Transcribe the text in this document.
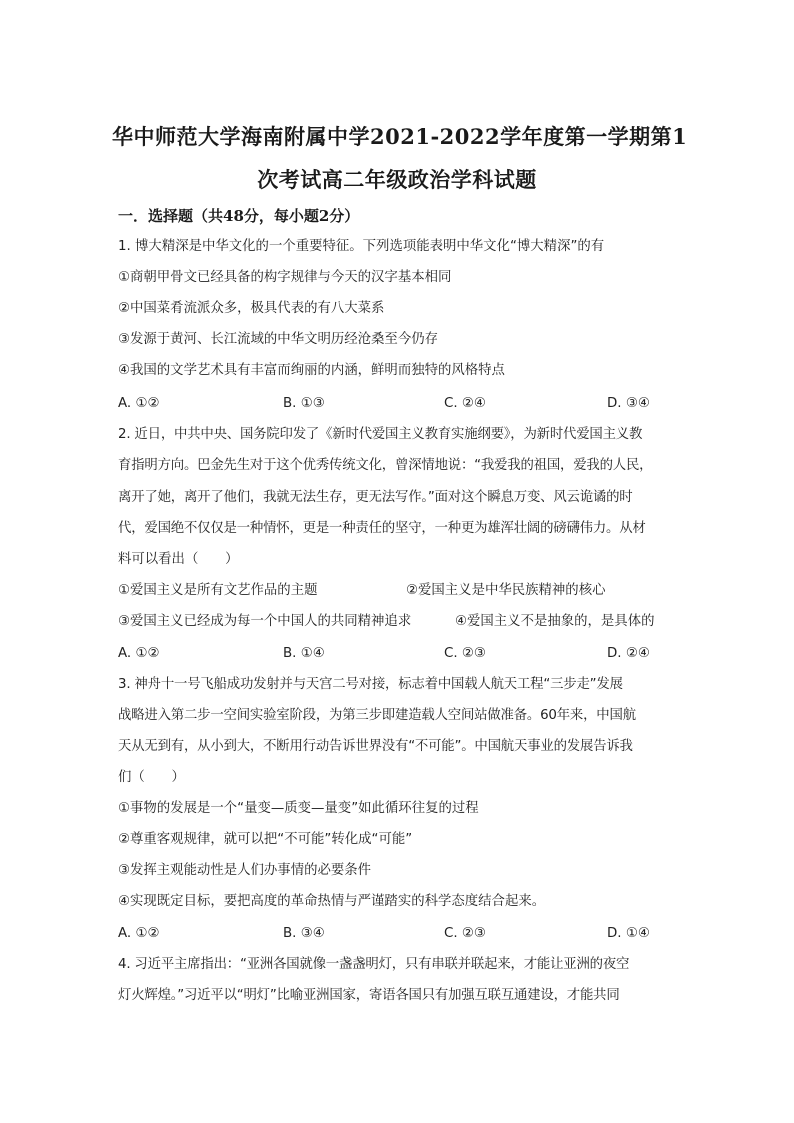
华中师范大学海南附属中学2021-2022学年度第一学期第1
次考试高二年级政治学科试题
一．选择题（共48分，每小题2分）
1. 博大精深是中华文化的一个重要特征。下列选项能表明中华文化“博大精深”的有
①商朝甲骨文已经具备的构字规律与今天的汉字基本相同
②中国菜肴流派众多，极具代表的有八大菜系
③发源于黄河、长江流域的中华文明历经沧桑至今仍存
④我国的文学艺术具有丰富而绚丽的内涵，鲜明而独特的风格特点
A. ①②	B. ①③	C. ②④	D. ③④
2. 近日，中共中央、国务院印发了《新时代爱国主义教育实施纲要》，为新时代爱国主义教
育指明方向。巴金先生对于这个优秀传统文化，曾深情地说：“我爱我的祖国，爱我的人民，
离开了她，离开了他们，我就无法生存，更无法写作。”面对这个瞬息万变、风云诡谲的时
代，爱国绝不仅仅是一种情怀，更是一种责任的坚守，一种更为雄浑壮阔的磅礴伟力。从材
料可以看出（　　）
①爱国主义是所有文艺作品的主题	②爱国主义是中华民族精神的核心
③爱国主义已经成为每一个中国人的共同精神追求	④爱国主义不是抽象的，是具体的
A. ①②	B. ①④	C. ②③	D. ②④
3. 神舟十一号飞船成功发射并与天宫二号对接，标志着中国载人航天工程“三步走”发展
战略进入第二步一空间实验室阶段，为第三步即建造载人空间站做准备。60年来，中国航
天从无到有，从小到大，不断用行动告诉世界没有“不可能”。中国航天事业的发展告诉我
们（　　）
①事物的发展是一个“量变—质变—量变”如此循环往复的过程
②尊重客观规律，就可以把“不可能”转化成“可能”
③发挥主观能动性是人们办事情的必要条件
④实现既定目标，要把高度的革命热情与严谨踏实的科学态度结合起来。
A. ①②	B. ③④	C. ②③	D. ①④
4. 习近平主席指出：“亚洲各国就像一盏盏明灯，只有串联并联起来，才能让亚洲的夜空
灯火辉煌。”习近平以“明灯”比喻亚洲国家，寄语各国只有加强互联互通建设，才能共同
